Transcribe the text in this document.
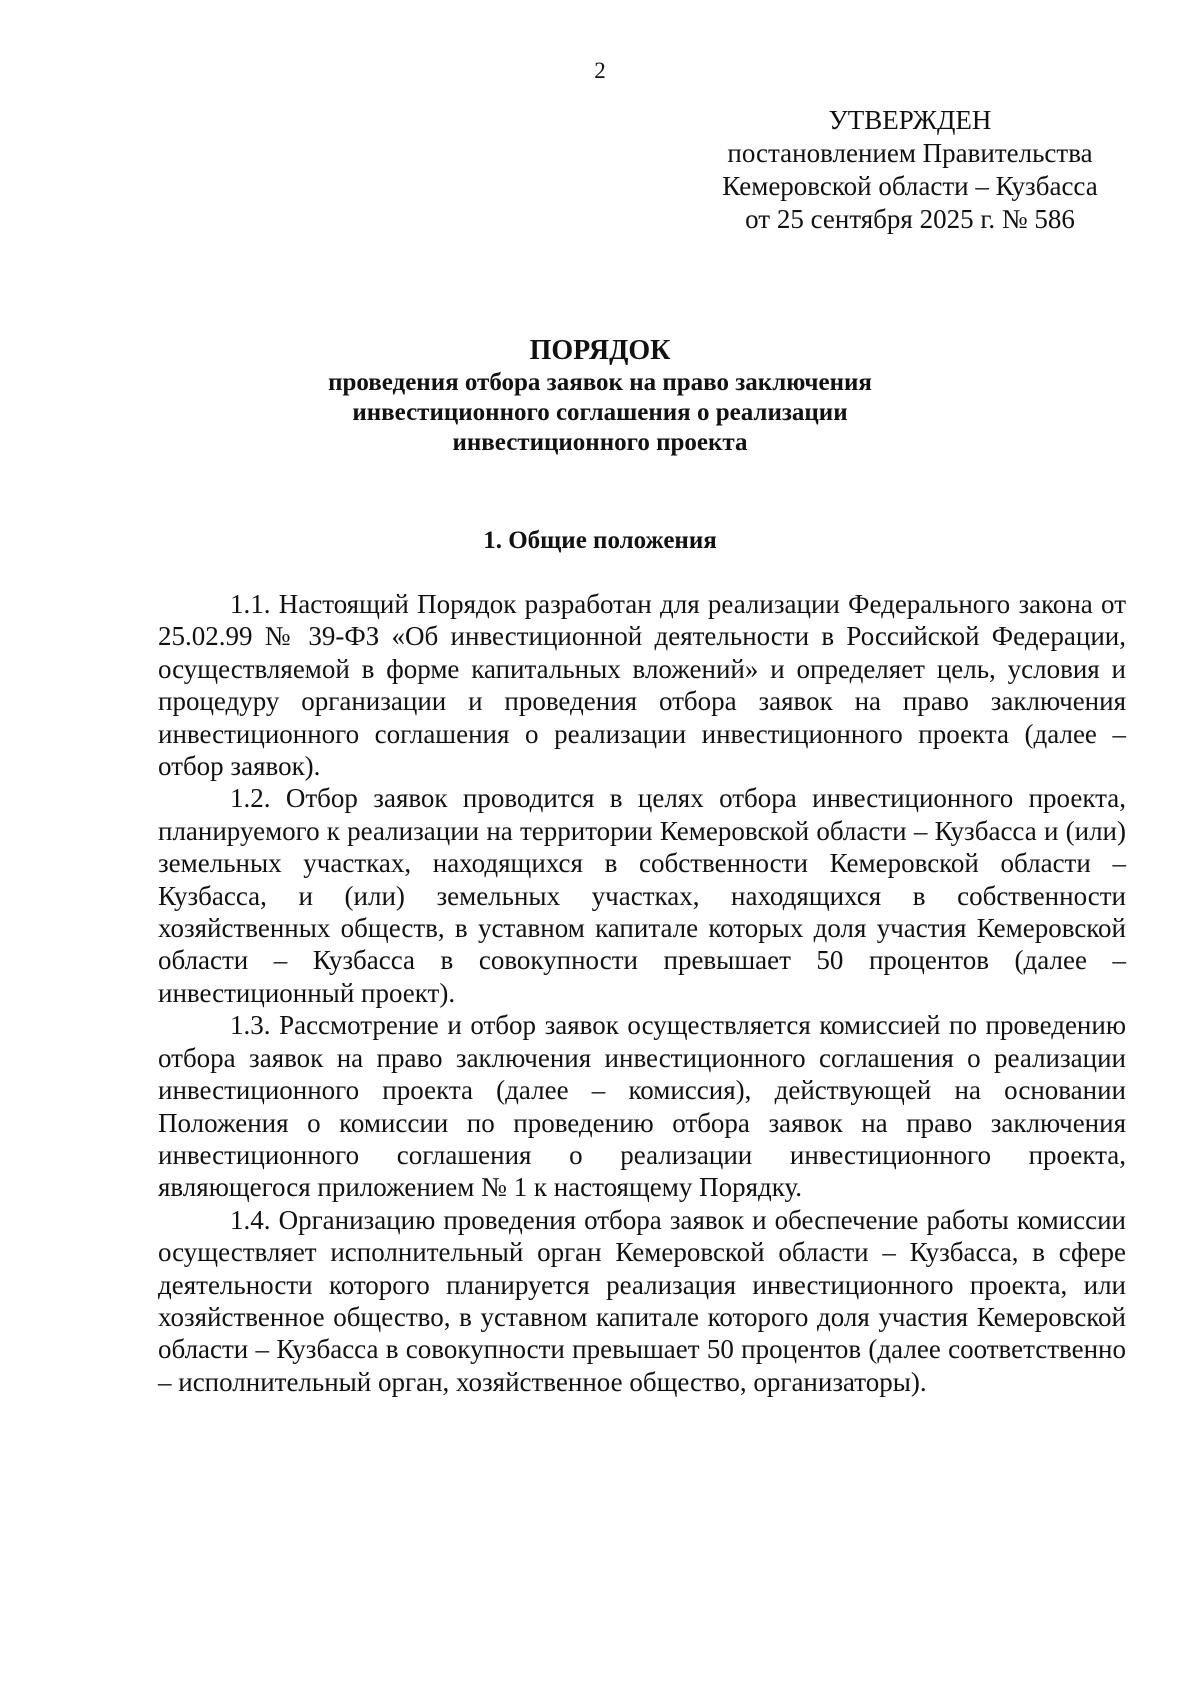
2
УТВЕРЖДЕН
постановлением Правительства
Кемеровской области – Кузбасса
от 25 сентября 2025 г. № 586
ПОРЯДОК
проведения отбора заявок на право заключения
инвестиционного соглашения о реализации
инвестиционного проекта
1. Общие положения

1.1. Настоящий Порядок разработан для реализации Федерального закона от 25.02.99 № 39-ФЗ «Об инвестиционной деятельности в Российской Федерации, осуществляемой в форме капитальных вложений» и определяет цель, условия и процедуру организации и проведения отбора заявок на право заключения инвестиционного соглашения о реализации инвестиционного проекта (далее – отбор заявок).

1.2. Отбор заявок проводится в целях отбора инвестиционного проекта, планируемого к реализации на территории Кемеровской области – Кузбасса и (или) земельных участках, находящихся в собственности Кемеровской области – Кузбасса, и (или) земельных участках, находящихся в собственности хозяйственных обществ, в уставном капитале которых доля участия Кемеровской области – Кузбасса в совокупности превышает 50 процентов (далее – инвестиционный проект).

1.3. Рассмотрение и отбор заявок осуществляется комиссией по проведению отбора заявок на право заключения инвестиционного соглашения о реализации инвестиционного проекта (далее – комиссия), действующей на основании Положения о комиссии по проведению отбора заявок на право заключения инвестиционного соглашения о реализации инвестиционного проекта, являющегося приложением № 1 к настоящему Порядку.

1.4. Организацию проведения отбора заявок и обеспечение работы комиссии осуществляет исполнительный орган Кемеровской области – Кузбасса, в сфере деятельности которого планируется реализация инвестиционного проекта, или хозяйственное общество, в уставном капитале которого доля участия Кемеровской области – Кузбасса в совокупности превышает 50 процентов (далее соответственно – исполнительный орган, хозяйственное общество, организаторы).
